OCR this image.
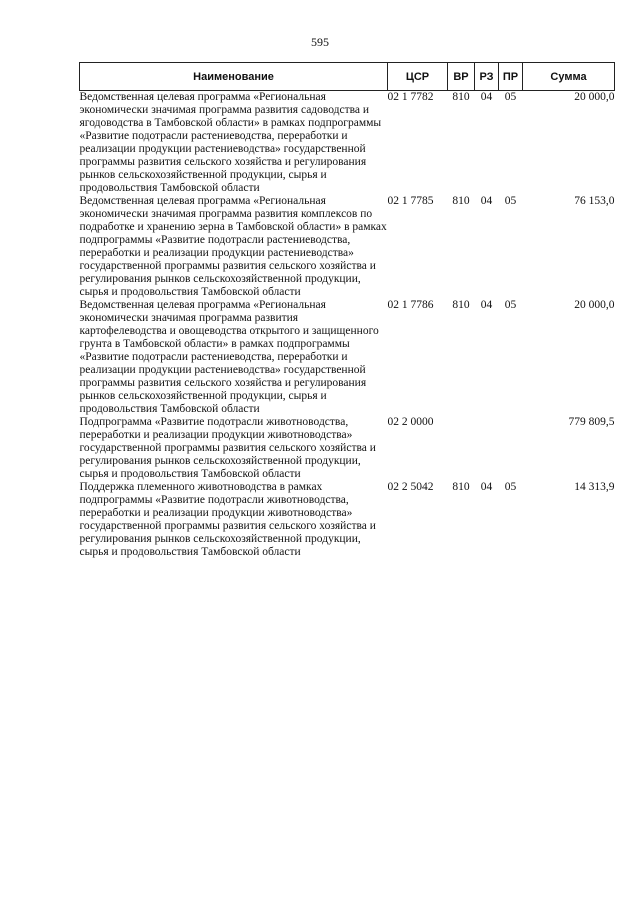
595
Наименование	ЦСР	ВР	РЗ	ПР	Сумма
Ведомственная целевая программа «Региональная экономически значимая программа развития садоводства и ягодоводства в Тамбовской области» в рамках подпрограммы «Развитие подотрасли растениеводства, переработки и реализации продукции растениеводства» государственной программы развития сельского хозяйства и регулирования рынков сельскохозяйственной продукции, сырья и продовольствия Тамбовской области	02 1 7782	810	04	05	20 000,0
Ведомственная целевая программа «Региональная экономически значимая программа развития комплексов по подработке и хранению зерна в Тамбовской области» в рамках подпрограммы «Развитие подотрасли растениеводства, переработки и реализации продукции растениеводства» государственной программы развития сельского хозяйства и регулирования рынков сельскохозяйственной продукции, сырья и продовольствия Тамбовской области	02 1 7785	810	04	05	76 153,0
Ведомственная целевая программа «Региональная экономически значимая программа развития картофелеводства и овощеводства открытого и защищенного грунта в Тамбовской области» в рамках подпрограммы «Развитие подотрасли растениеводства, переработки и реализации продукции растениеводства» государственной программы развития сельского хозяйства и регулирования рынков сельскохозяйственной продукции, сырья и продовольствия Тамбовской области	02 1 7786	810	04	05	20 000,0
Подпрограмма «Развитие подотрасли животноводства, переработки и реализации продукции животноводства» государственной программы развития сельского хозяйства и регулирования рынков сельскохозяйственной продукции, сырья и продовольствия Тамбовской области	02 2 0000				779 809,5
Поддержка племенного животноводства в рамках подпрограммы «Развитие подотрасли животноводства, переработки и реализации продукции животноводства» государственной программы развития сельского хозяйства и регулирования рынков сельскохозяйственной продукции, сырья и продовольствия Тамбовской области	02 2 5042	810	04	05	14 313,9
